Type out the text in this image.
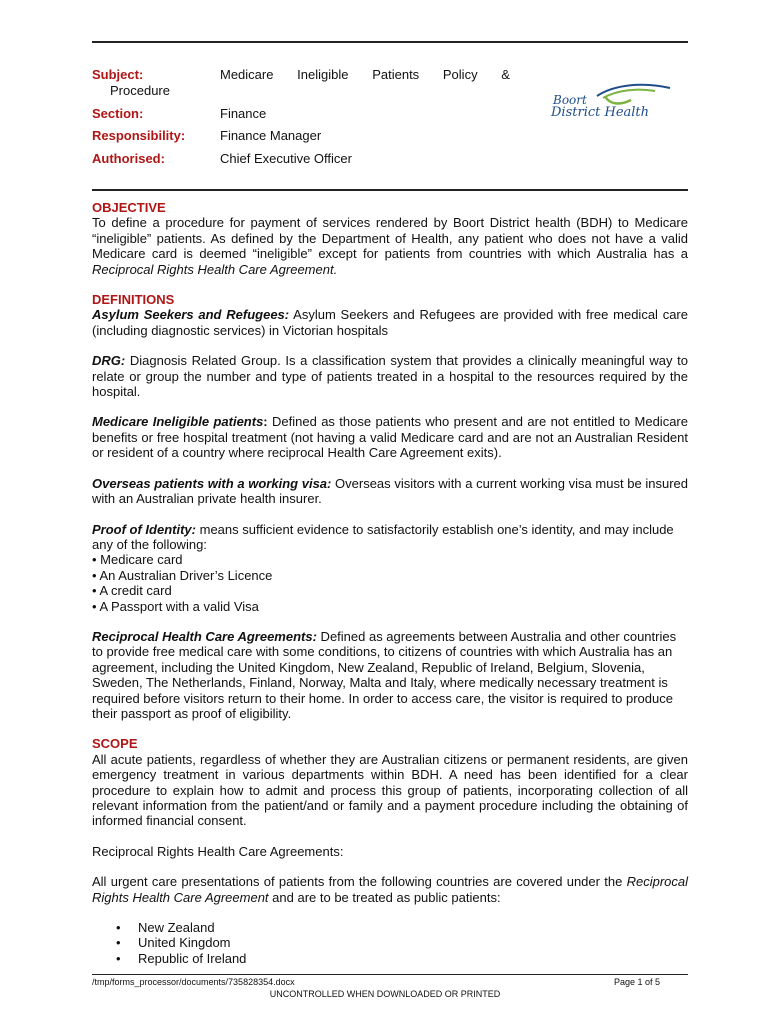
Subject:	Medicare Ineligible Patients Policy &
Procedure
Section:	Finance
Responsibility:	Finance Manager
Authorised:	Chief Executive Officer
Boort
District Health
OBJECTIVE

To define a procedure for payment of services rendered by Boort District health (BDH) to Medicare “ineligible” patients. As defined by the Department of Health, any patient who does not have a valid Medicare card is deemed “ineligible” except for patients from countries with which Australia has a Reciprocal Rights Health Care Agreement.

DEFINITIONS

Asylum Seekers and Refugees: Asylum Seekers and Refugees are provided with free medical care (including diagnostic services) in Victorian hospitals

DRG: Diagnosis Related Group. Is a classification system that provides a clinically meaningful way to relate or group the number and type of patients treated in a hospital to the resources required by the hospital.

Medicare Ineligible patients: Defined as those patients who present and are not entitled to Medicare benefits or free hospital treatment (not having a valid Medicare card and are not an Australian Resident or resident of a country where reciprocal Health Care Agreement exits).

Overseas patients with a working visa: Overseas visitors with a current working visa must be insured with an Australian private health insurer.

Proof of Identity: means sufficient evidence to satisfactorily establish one’s identity, and may include any of the following:

• Medicare card
• An Australian Driver’s Licence
• A credit card
• A Passport with a valid Visa

Reciprocal Health Care Agreements: Defined as agreements between Australia and other countries to provide free medical care with some conditions, to citizens of countries with which Australia has an agreement, including the United Kingdom, New Zealand, Republic of Ireland, Belgium, Slovenia, Sweden, The Netherlands, Finland, Norway, Malta and Italy, where medically necessary treatment is required before visitors return to their home. In order to access care, the visitor is required to produce their passport as proof of eligibility.

SCOPE

All acute patients, regardless of whether they are Australian citizens or permanent residents, are given emergency treatment in various departments within BDH. A need has been identified for a clear procedure to explain how to admit and process this group of patients, incorporating collection of all relevant information from the patient/and or family and a payment procedure including the obtaining of informed financial consent.

Reciprocal Rights Health Care Agreements:

All urgent care presentations of patients from the following countries are covered under the Reciprocal Rights Health Care Agreement and are to be treated as public patients:

• New Zealand
• United Kingdom
• Republic of Ireland
/tmp/forms_processor/documents/735828354.docx	Page 1 of 5
UNCONTROLLED WHEN DOWNLOADED OR PRINTED
